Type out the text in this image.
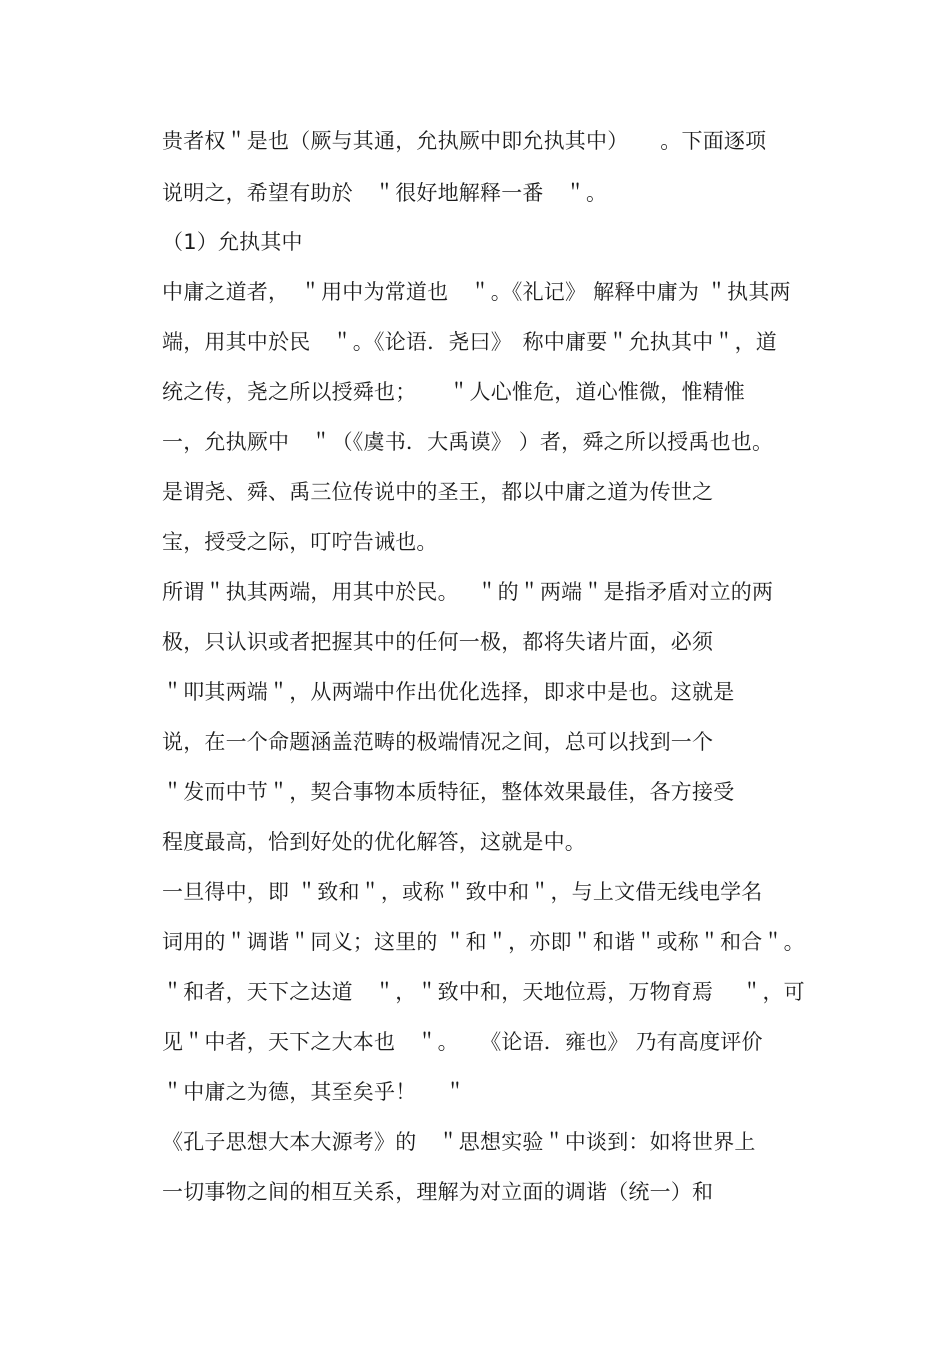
贵者权＂是也（厥与其通，允执厥中即允执其中）　　。下面逐项
说明之，希望有助於　＂很好地解释一番　＂。
（1）允执其中
中庸之道者，　＂用中为常道也　＂。《礼记》 解释中庸为 ＂执其两
端，用其中於民　＂。《论语．尧曰》　称中庸要＂允执其中＂，道
统之传，尧之所以授舜也；　　＂人心惟危，道心惟微，惟精惟
一，允执厥中　＂（《虞书．大禹谟》 ）者，舜之所以授禹也也。
是谓尧、舜、禹三位传说中的圣王，都以中庸之道为传世之
宝，授受之际，叮咛告诫也。
所谓＂执其两端，用其中於民。　 ＂的＂两端＂是指矛盾对立的两
极，只认识或者把握其中的任何一极，都将失诸片面，必须
＂叩其两端＂，从两端中作出优化选择，即求中是也。这就是
说，在一个命题涵盖范畴的极端情况之间，总可以找到一个
＂发而中节＂，契合事物本质特征，整体效果最佳，各方接受
程度最高，恰到好处的优化解答，这就是中。
一旦得中，即 ＂致和＂，或称＂致中和＂，与上文借无线电学名
词用的＂调谐＂同义；这里的 ＂和＂，亦即＂和谐＂或称＂和合＂。
＂和者，天下之达道　＂，＂致中和，天地位焉，万物育焉　 ＂，可
见＂中者，天下之大本也　＂。　　《论语．雍也》 乃有高度评价
＂中庸之为德，其至矣乎！　 ＂
《孔子思想大本大源考》的　＂思想实验＂中谈到：如将世界上
一切事物之间的相互关系，理解为对立面的调谐（统一）和
